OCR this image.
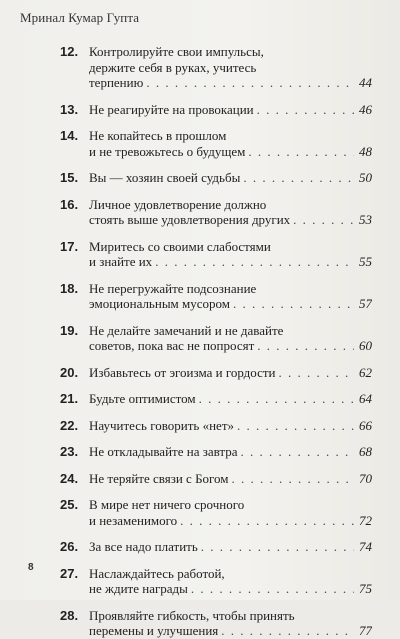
Мринал Кумар Гупта
12. Контролируйте свои импульсы,
держите себя в руках, учитесь
терпению . . .	44
13. Не реагируйте на провокации . . .	46
14. Не копайтесь в прошлом
и не тревожьтесь о будущем . . .	48
15. Вы — хозяин своей судьбы . . .	50
16. Личное удовлетворение должно
стоять выше удовлетворения других . . .	53
17. Миритесь со своими слабостями
и знайте их . . .	55
18. Не перегружайте подсознание
эмоциональным мусором . . .	57
19. Не делайте замечаний и не давайте
советов, пока вас не попросят . . .	60
20. Избавьтесь от эгоизма и гордости . . .	62
21. Будьте оптимистом . . .	64
22. Научитесь говорить «нет» . . .	66
23. Не откладывайте на завтра . . .	68
24. Не теряйте связи с Богом . . .	70
25. В мире нет ничего срочного
и незаменимого . . .	72
26. За все надо платить . . .	74
27. Наслаждайтесь работой,
не ждите награды . . .	75
28. Проявляйте гибкость, чтобы принять
перемены и улучшения . . .	77
8
